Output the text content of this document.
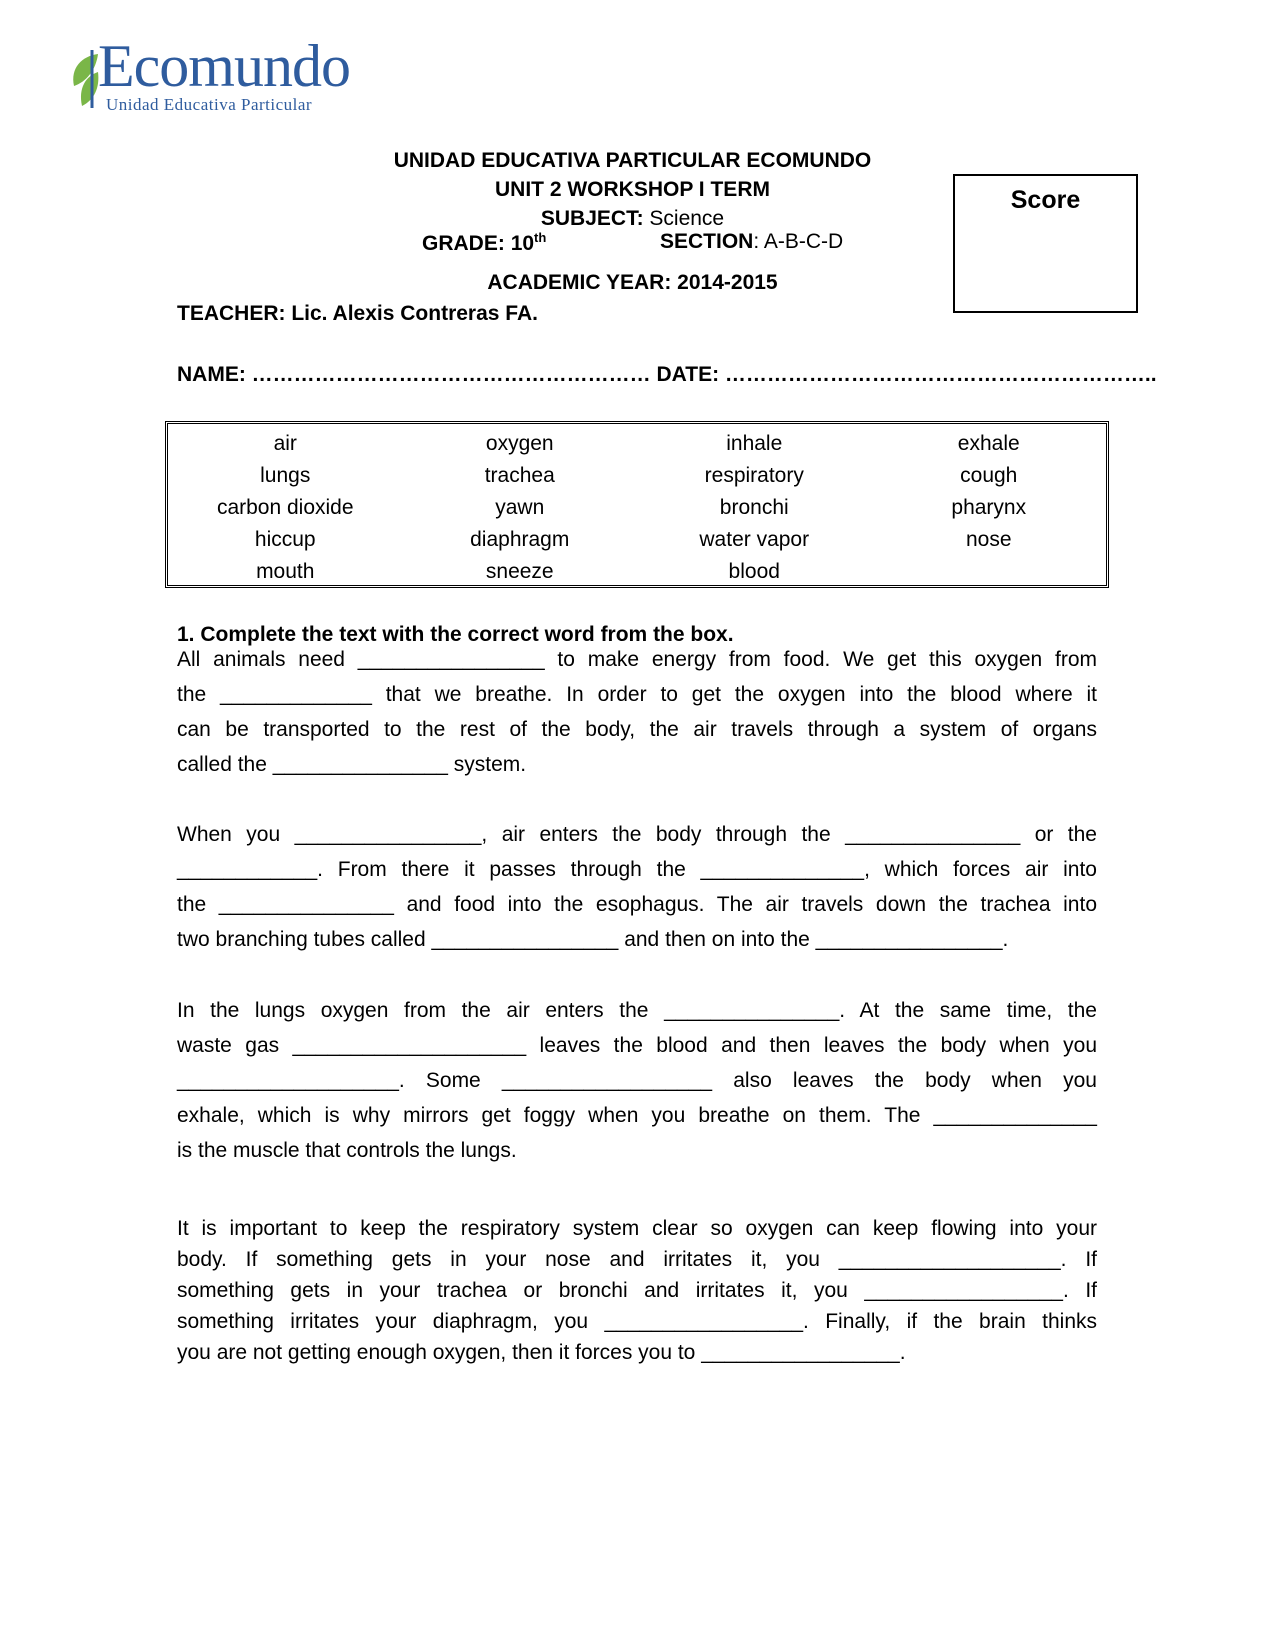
Ecomundo
Unidad Educativa Particular
UNIDAD EDUCATIVA PARTICULAR ECOMUNDO
UNIT 2 WORKSHOP I TERM
SUBJECT: Science
GRADE: 10th	SECTION: A-B-C-D
ACADEMIC YEAR: 2014-2015
TEACHER: Lic. Alexis Contreras FA.
Score
NAME: ………………………………………………… DATE: ……………………………………………………..
air	oxygen	inhale	exhale
lungs	trachea	respiratory	cough
carbon dioxide	yawn	bronchi	pharynx
hiccup	diaphragm	water vapor	nose
mouth	sneeze	blood
1. Complete the text with the correct word from the box.
All animals need ________________ to make energy from food. We get this oxygen from
the _____________ that we breathe. In order to get the oxygen into the blood where it
can be transported to the rest of the body, the air travels through a system of organs
called the _______________ system.
When you ________________, air enters the body through the _______________ or the
____________. From there it passes through the ______________, which forces air into
the _______________ and food into the esophagus. The air travels down the trachea into
two branching tubes called ________________ and then on into the ________________.
In the lungs oxygen from the air enters the _______________. At the same time, the
waste gas ____________________ leaves the blood and then leaves the body when you
___________________. Some __________________ also leaves the body when you
exhale, which is why mirrors get foggy when you breathe on them. The ______________
is the muscle that controls the lungs.
It is important to keep the respiratory system clear so oxygen can keep flowing into your
body. If something gets in your nose and irritates it, you ___________________. If
something gets in your trachea or bronchi and irritates it, you _________________. If
something irritates your diaphragm, you _________________. Finally, if the brain thinks
you are not getting enough oxygen, then it forces you to _________________.
